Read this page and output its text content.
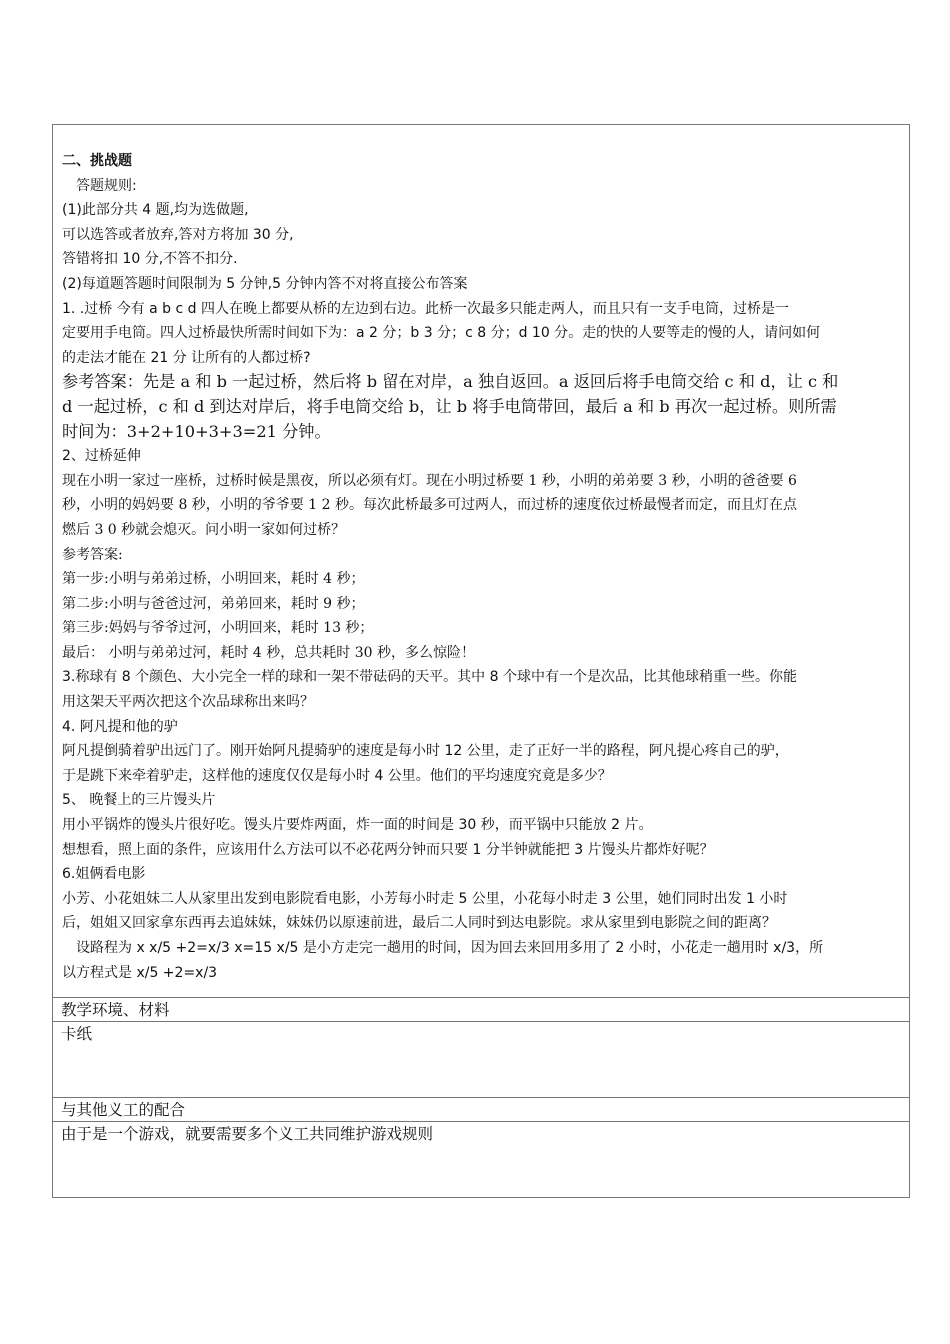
二、挑战题
答题规则:
(1)此部分共 4 题,均为选做题,
可以选答或者放弃,答对方将加 30 分,
答错将扣 10 分,不答不扣分.
(2)每道题答题时间限制为 5 分钟,5 分钟内答不对将直接公布答案
1. .过桥 今有 a b c d 四人在晚上都要从桥的左边到右边。此桥一次最多只能走两人，而且只有一支手电筒，过桥是一
定要用手电筒。四人过桥最快所需时间如下为：a 2 分；b 3 分；c 8 分；d 10 分。走的快的人要等走的慢的人，请问如何
的走法才能在 21 分 让所有的人都过桥?
参考答案：先是 a 和 b 一起过桥，然后将 b 留在对岸，a 独自返回。a 返回后将手电筒交给 c 和 d，让 c 和
d 一起过桥，c 和 d 到达对岸后，将手电筒交给 b，让 b 将手电筒带回，最后 a 和 b 再次一起过桥。则所需
时间为：3+2+10+3+3=21 分钟。
2、过桥延伸
现在小明一家过一座桥，过桥时候是黑夜，所以必须有灯。现在小明过桥要 1 秒，小明的弟弟要 3 秒，小明的爸爸要 6
秒，小明的妈妈要 8 秒，小明的爷爷要 1 2 秒。每次此桥最多可过两人，而过桥的速度依过桥最慢者而定，而且灯在点
燃后 3 0 秒就会熄灭。问小明一家如何过桥？
参考答案:
第一步:小明与弟弟过桥，小明回来，耗时 4 秒；
第二步:小明与爸爸过河，弟弟回来，耗时 9 秒；
第三步:妈妈与爷爷过河，小明回来，耗时 13 秒；
最后： 小明与弟弟过河，耗时 4 秒，总共耗时 30 秒，多么惊险！
3.称球有 8 个颜色、大小完全一样的球和一架不带砝码的天平。其中 8 个球中有一个是次品，比其他球稍重一些。你能
用这架天平两次把这个次品球称出来吗？
4. 阿凡提和他的驴
阿凡提倒骑着驴出远门了。刚开始阿凡提骑驴的速度是每小时 12 公里，走了正好一半的路程，阿凡提心疼自己的驴，
于是跳下来牵着驴走，这样他的速度仅仅是每小时 4 公里。他们的平均速度究竟是多少？
5、 晚餐上的三片馒头片
用小平锅炸的馒头片很好吃。馒头片要炸两面，炸一面的时间是 30 秒，而平锅中只能放 2 片。
想想看，照上面的条件，应该用什么方法可以不必花两分钟而只要 1 分半钟就能把 3 片馒头片都炸好呢？
6.姐俩看电影
小芳、小花姐妹二人从家里出发到电影院看电影，小芳每小时走 5 公里，小花每小时走 3 公里，她们同时出发 1 小时
后，姐姐又回家拿东西再去追妹妹，妹妹仍以原速前进，最后二人同时到达电影院。求从家里到电影院之间的距离？
设路程为 x x/5 +2=x/3 x=15 x/5 是小方走完一趟用的时间，因为回去来回用多用了 2 小时，小花走一趟用时 x/3，所
以方程式是 x/5 +2=x/3
教学环境、材料
卡纸
与其他义工的配合
由于是一个游戏，就要需要多个义工共同维护游戏规则
